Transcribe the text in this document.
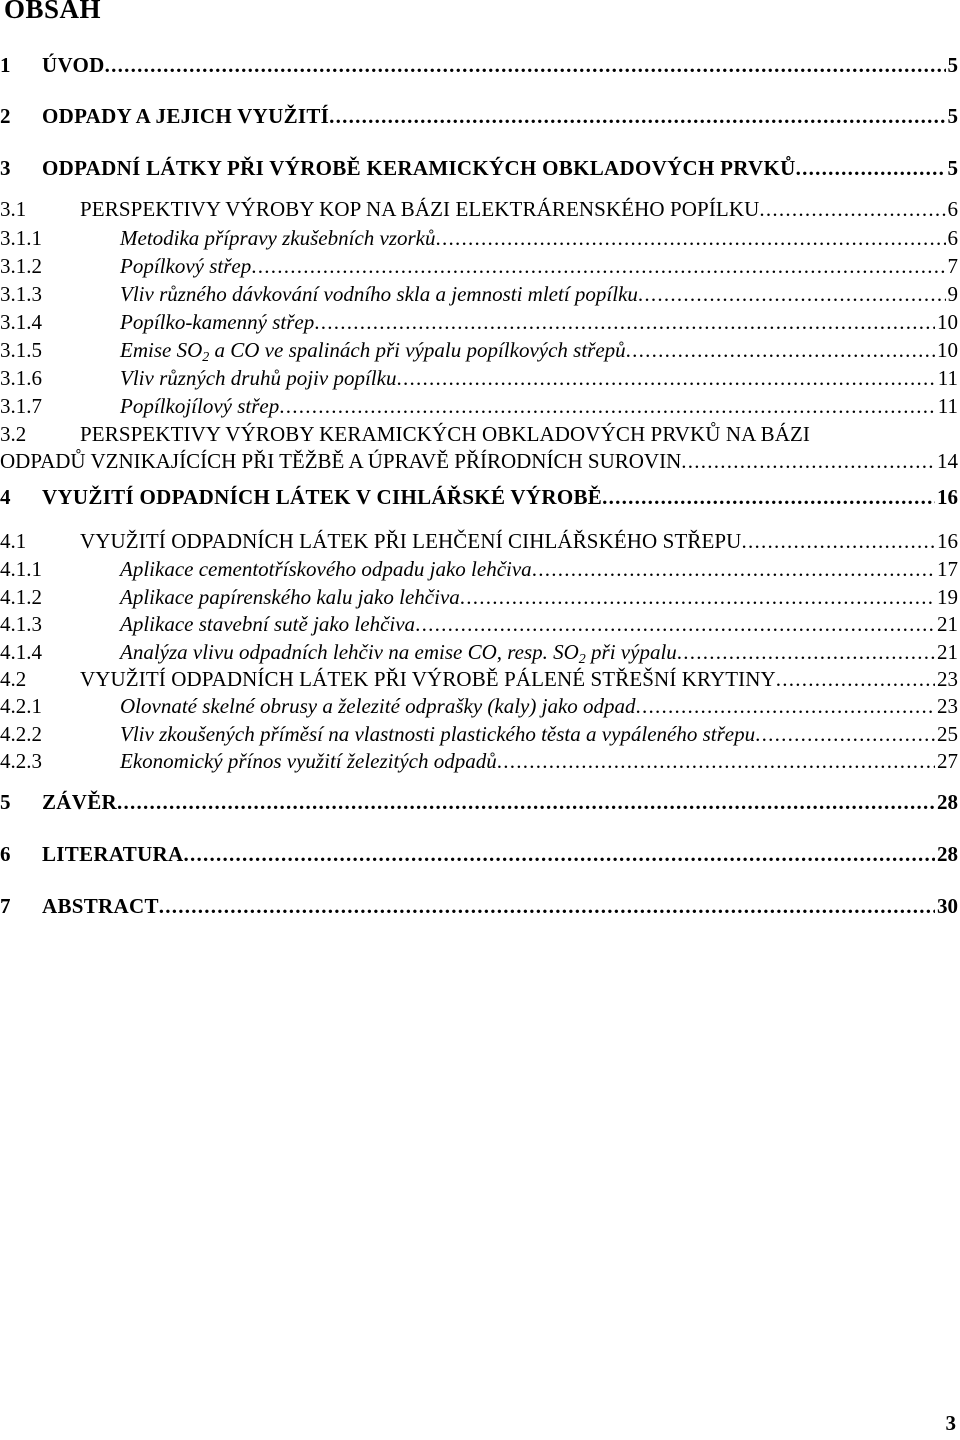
OBSAH
1	ÚVOD . . .	5
2	ODPADY A JEJICH VYUŽITÍ . . .	5
3	ODPADNÍ LÁTKY PŘI VÝROBĚ KERAMICKÝCH OBKLADOVÝCH PRVKŮ . . .	5
3.1	PERSPEKTIVY VÝROBY KOP NA BÁZI ELEKTRÁRENSKÉHO POPÍLKU . . .	6
3.1.1	Metodika přípravy zkušebních vzorků . . .	6
3.1.2	Popílkový střep . . .	7
3.1.3	Vliv různého dávkování vodního skla a jemnosti mletí popílku . . .	9
3.1.4	Popílko-kamenný střep . . .	10
3.1.5	Emise $SO_2$ a CO ve spalinách při výpalu popílkových střepů . . .	10
3.1.6	Vliv různých druhů pojiv popílku . . .	11
3.1.7	Popílkojílový střep . . .	11
3.2	PERSPEKTIVY VÝROBY KERAMICKÝCH OBKLADOVÝCH PRVKŮ NA BÁZI
ODPADŮ VZNIKAJÍCÍCH PŘI TĚŽBĚ A ÚPRAVĚ PŘÍRODNÍCH SUROVIN . . .	14
4	VYUŽITÍ ODPADNÍCH LÁTEK V CIHLÁŘSKÉ VÝROBĚ . . .	16
4.1	VYUŽITÍ ODPADNÍCH LÁTEK PŘI LEHČENÍ CIHLÁŘSKÉHO STŘEPU . . .	16
4.1.1	Aplikace cementotřískového odpadu jako lehčiva . . .	17
4.1.2	Aplikace papírenského kalu jako lehčiva . . .	19
4.1.3	Aplikace stavební sutě jako lehčiva . . .	21
4.1.4	Analýza vlivu odpadních lehčiv na emise CO, resp. $SO_2$ při výpalu . . .	21
4.2	VYUŽITÍ ODPADNÍCH LÁTEK PŘI VÝROBĚ PÁLENÉ STŘEŠNÍ KRYTINY . . .	23
4.2.1	Olovnaté skelné obrusy a železité odprašky (kaly) jako odpad . . .	23
4.2.2	Vliv zkoušených příměsí na vlastnosti plastického těsta a vypáleného střepu . . .	25
4.2.3	Ekonomický přínos využití železitých odpadů . . .	27
5	ZÁVĚR . . .	28
6	LITERATURA . . .	28
7	ABSTRACT . . .	30
3
